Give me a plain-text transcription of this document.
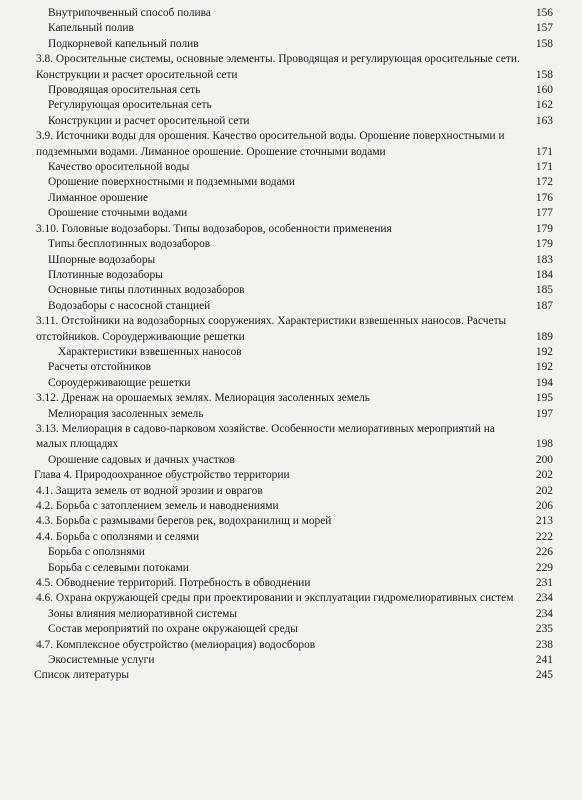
Внутрипочвенный способ полива	156
Капельный полив	157
Подкорневой капельный полив	158
3.8. Оросительные системы, основные элементы. Проводящая и регулирующая оросительные сети. Конструкции и расчет оросительной сети	158
Проводящая оросительная сеть	160
Регулирующая оросительная сеть	162
Конструкции и расчет оросительной сети	163
3.9. Источники воды для орошения. Качество оросительной воды. Орошение поверхностными и подземными водами. Лиманное орошение. Орошение сточными водами	171
Качество оросительной воды	171
Орошение поверхностными и подземными водами	172
Лиманное орошение	176
Орошение сточными водами	177
3.10. Головные водозаборы. Типы водозаборов, особенности применения	179
Типы бесплотинных водозаборов	179
Шпорные водозаборы	183
Плотинные водозаборы	184
Основные типы плотинных водозаборов	185
Водозаборы с насосной станцией	187
3.11. Отстойники на водозаборных сооружениях. Характеристики взвешенных наносов. Расчеты отстойников. Сороудерживающие решетки	189
Характеристики взвешенных наносов	192
Расчеты отстойников	192
Сороудерживающие решетки	194
3.12. Дренаж на орошаемых землях. Мелиорация засоленных земель	195
Мелиорация засоленных земель	197
3.13. Мелиорация в садово-парковом хозяйстве. Особенности мелиоративных мероприятий на малых площадях	198
Орошение садовых и дачных участков	200
Глава 4. Природоохранное обустройство территории	202
4.1. Защита земель от водной эрозии и оврагов	202
4.2. Борьба с затоплением земель и наводнениями	206
4.3. Борьба с размывами берегов рек, водохранилищ и морей	213
4.4. Борьба с оползнями и селями	222
Борьба с оползнями	226
Борьба с селевыми потоками	229
4.5. Обводнение территорий. Потребность в обводнении	231
4.6. Охрана окружающей среды при проектировании и эксплуатации гидромелиоративных систем	234
Зоны влияния мелиоративной системы	234
Состав мероприятий по охране окружающей среды	235
4.7. Комплексное обустройство (мелиорация) водосборов	238
Экосистемные услуги	241
Список литературы	245
